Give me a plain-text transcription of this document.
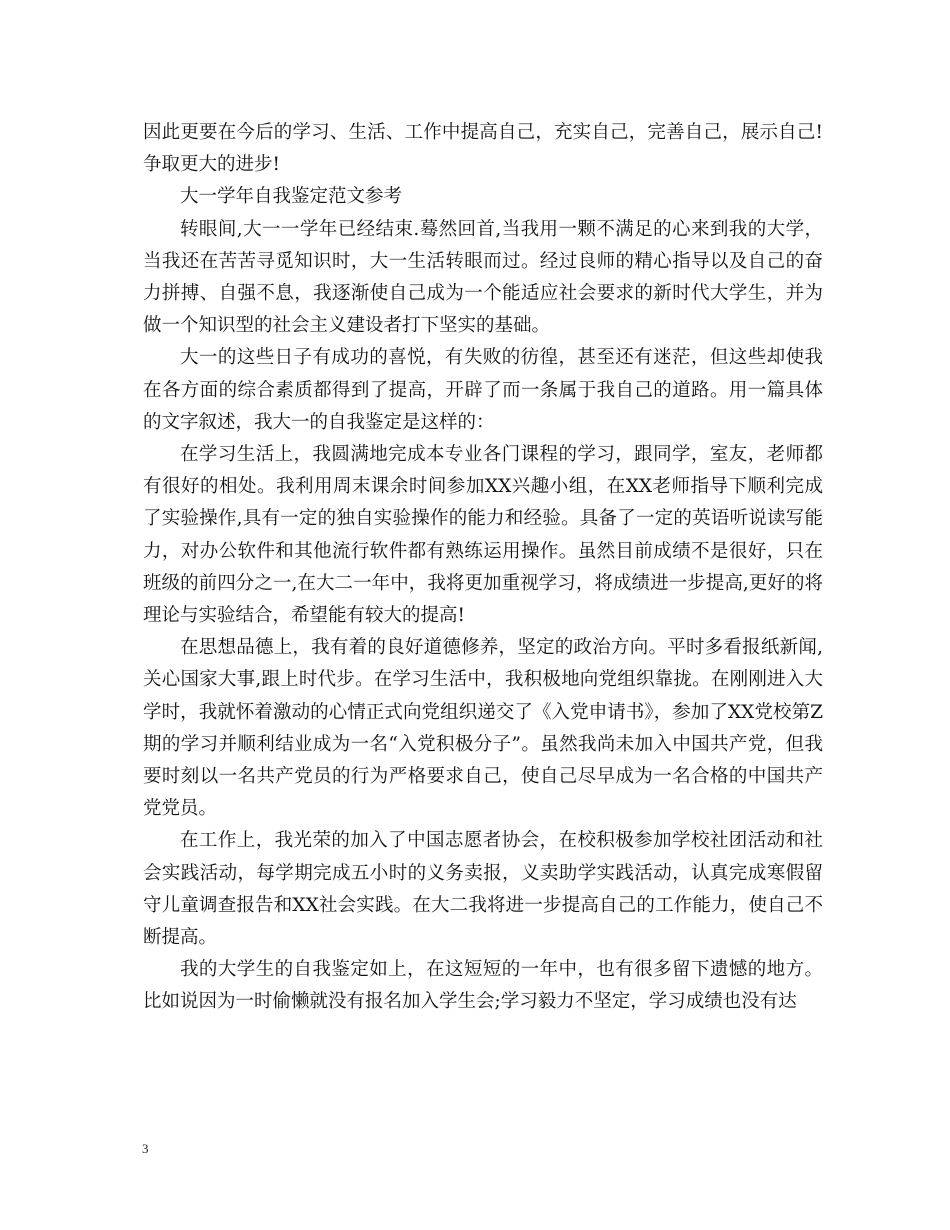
因此更要在今后的学习、生活、工作中提高自己，充实自己，完善自己，展示自己!争取更大的进步!

大一学年自我鉴定范文参考

转眼间,大一一学年已经结束.蓦然回首,当我用一颗不满足的心来到我的大学，当我还在苦苦寻觅知识时，大一生活转眼而过。经过良师的精心指导以及自己的奋力拼搏、自强不息，我逐渐使自己成为一个能适应社会要求的新时代大学生，并为做一个知识型的社会主义建设者打下坚实的基础。

大一的这些日子有成功的喜悦，有失败的彷徨，甚至还有迷茫，但这些却使我在各方面的综合素质都得到了提高，开辟了而一条属于我自己的道路。用一篇具体的文字叙述，我大一的自我鉴定是这样的：

在学习生活上，我圆满地完成本专业各门课程的学习，跟同学，室友，老师都有很好的相处。我利用周末课余时间参加XX兴趣小组，在XX老师指导下顺利完成了实验操作,具有一定的独自实验操作的能力和经验。具备了一定的英语听说读写能力，对办公软件和其他流行软件都有熟练运用操作。虽然目前成绩不是很好，只在班级的前四分之一,在大二一年中，我将更加重视学习，将成绩进一步提高,更好的将理论与实验结合，希望能有较大的提高!

在思想品德上，我有着的良好道德修养，坚定的政治方向。平时多看报纸新闻,关心国家大事,跟上时代步。在学习生活中，我积极地向党组织靠拢。在刚刚进入大学时，我就怀着激动的心情正式向党组织递交了《入党申请书》，参加了XX党校第Z期的学习并顺利结业成为一名“入党积极分子”。虽然我尚未加入中国共产党，但我要时刻以一名共产党员的行为严格要求自己，使自己尽早成为一名合格的中国共产党党员。

在工作上，我光荣的加入了中国志愿者协会，在校积极参加学校社团活动和社会实践活动，每学期完成五小时的义务卖报，义卖助学实践活动，认真完成寒假留守儿童调查报告和XX社会实践。在大二我将进一步提高自己的工作能力，使自己不断提高。

我的大学生的自我鉴定如上，在这短短的一年中，也有很多留下遗憾的地方。比如说因为一时偷懒就没有报名加入学生会;学习毅力不坚定，学习成绩也没有达

3
